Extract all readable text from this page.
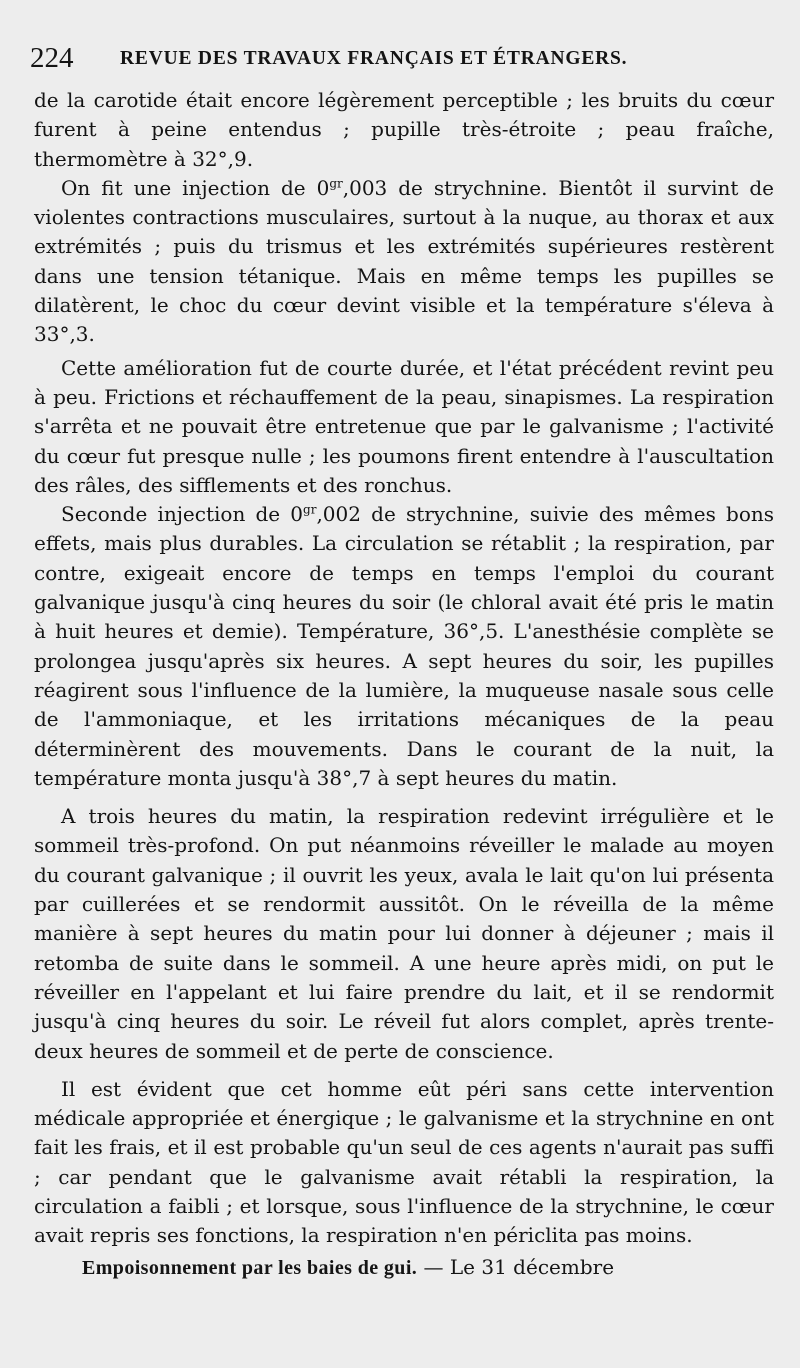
224 REVUE DES TRAVAUX FRANÇAIS ET ÉTRANGERS.

de la carotide était encore légèrement perceptible ; les bruits du cœur furent à peine entendus ; pupille très-étroite ; peau fraîche, thermomètre à 32°,9.

On fit une injection de $0^{gr},003$ de strychnine. Bientôt il survint de violentes contractions musculaires, surtout à la nuque, au thorax et aux extrémités ; puis du trismus et les extrémités supérieures restèrent dans une tension tétanique. Mais en même temps les pupilles se dilatèrent, le choc du cœur devint visible et la température s'éleva à 33°,3.

Cette amélioration fut de courte durée, et l'état précédent revint peu à peu. Frictions et réchauffement de la peau, sinapismes. La respiration s'arrêta et ne pouvait être entretenue que par le galvanisme ; l'activité du cœur fut presque nulle ; les poumons firent entendre à l'auscultation des râles, des sifflements et des ronchus.

Seconde injection de $0^{gr},002$ de strychnine, suivie des mêmes bons effets, mais plus durables. La circulation se rétablit ; la respiration, par contre, exigeait encore de temps en temps l'emploi du courant galvanique jusqu'à cinq heures du soir (le chloral avait été pris le matin à huit heures et demie). Température, 36°,5. L'anesthésie complète se prolongea jusqu'après six heures. A sept heures du soir, les pupilles réagirent sous l'influence de la lumière, la muqueuse nasale sous celle de l'ammoniaque, et les irritations mécaniques de la peau déterminèrent des mouvements. Dans le courant de la nuit, la température monta jusqu'à 38°,7 à sept heures du matin.

A trois heures du matin, la respiration redevint irrégulière et le sommeil très-profond. On put néanmoins réveiller le malade au moyen du courant galvanique ; il ouvrit les yeux, avala le lait qu'on lui présenta par cuillerées et se rendormit aussitôt. On le réveilla de la même manière à sept heures du matin pour lui donner à déjeuner ; mais il retomba de suite dans le sommeil. A une heure après midi, on put le réveiller en l'appelant et lui faire prendre du lait, et il se rendormit jusqu'à cinq heures du soir. Le réveil fut alors complet, après trente-deux heures de sommeil et de perte de conscience.

Il est évident que cet homme eût péri sans cette intervention médicale appropriée et énergique ; le galvanisme et la strychnine en ont fait les frais, et il est probable qu'un seul de ces agents n'aurait pas suffi ; car pendant que le galvanisme avait rétabli la respiration, la circulation a faibli ; et lorsque, sous l'influence de la strychnine, le cœur avait repris ses fonctions, la respiration n'en périclita pas moins.

Empoisonnement par les baies de gui. — Le 31 décembre
